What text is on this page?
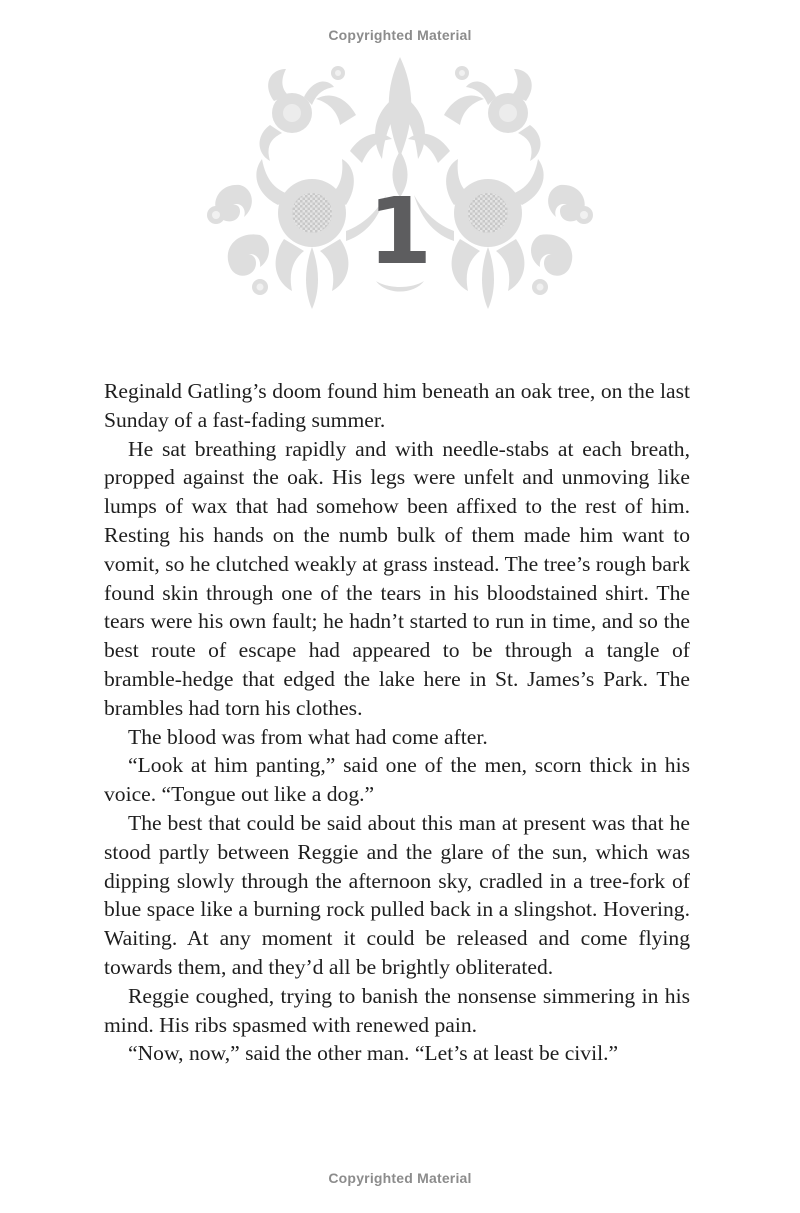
Copyrighted Material
1

Reginald Gatling’s doom found him beneath an oak tree, on the last Sunday of a fast-fading summer.

He sat breathing rapidly and with needle-stabs at each breath, propped against the oak. His legs were unfelt and unmoving like lumps of wax that had somehow been affixed to the rest of him. Resting his hands on the numb bulk of them made him want to vomit, so he clutched weakly at grass instead. The tree’s rough bark found skin through one of the tears in his bloodstained shirt. The tears were his own fault; he hadn’t started to run in time, and so the best route of escape had appeared to be through a tangle of bramble-hedge that edged the lake here in St. James’s Park. The brambles had torn his clothes.

The blood was from what had come after.

“Look at him panting,” said one of the men, scorn thick in his voice. “Tongue out like a dog.”

The best that could be said about this man at present was that he stood partly between Reggie and the glare of the sun, which was dipping slowly through the afternoon sky, cradled in a tree-fork of blue space like a burning rock pulled back in a slingshot. Hovering. Waiting. At any moment it could be released and come flying towards them, and they’d all be brightly obliterated.

Reggie coughed, trying to banish the nonsense simmering in his mind. His ribs spasmed with renewed pain.

“Now, now,” said the other man. “Let’s at least be civil.”

Copyrighted Material
